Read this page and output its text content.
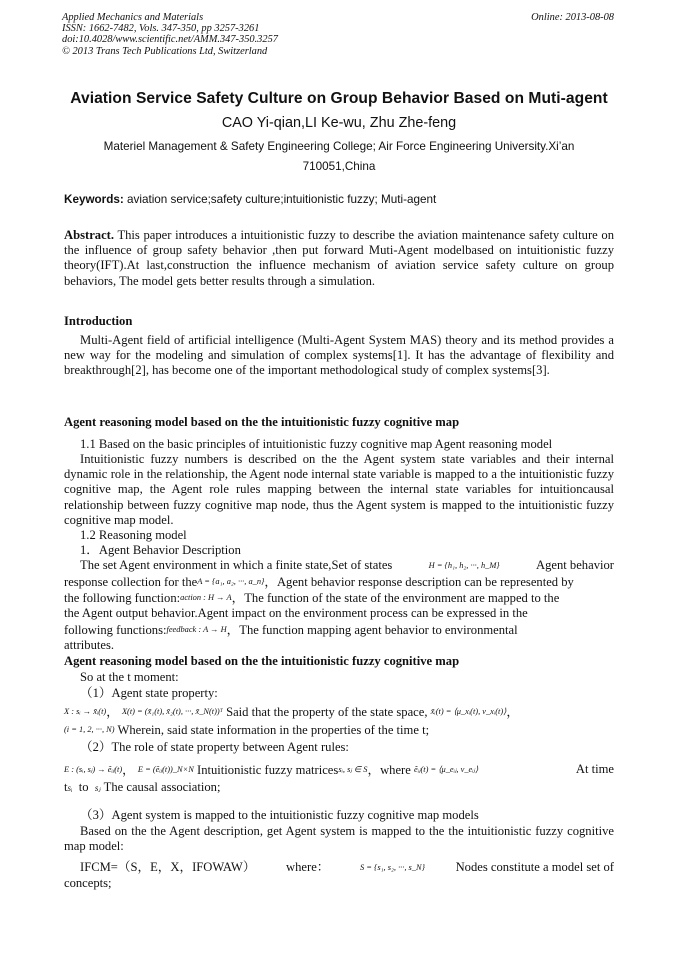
Applied Mechanics and Materials
ISSN: 1662-7482, Vols. 347-350, pp 3257-3261
doi:10.4028/www.scientific.net/AMM.347-350.3257
© 2013 Trans Tech Publications Ltd, Switzerland
Online: 2013-08-08
Aviation Service Safety Culture on Group Behavior Based on Muti-agent
CAO Yi-qian,LI Ke-wu, Zhu Zhe-feng
Materiel Management & Safety Engineering College; Air Force Engineering University.Xi’an
710051,China
Keywords: aviation service;safety culture;intuitionistic fuzzy; Muti-agent
Abstract. This paper introduces a intuitionistic fuzzy to describe the aviation maintenance safety culture on the influence of group safety behavior ,then put forward Muti-Agent modelbased on intuitionistic fuzzy theory(IFT).At last,construction the influence mechanism of aviation service safety culture on group behaviors, The model gets better results through a simulation.
Introduction
Multi-Agent field of artificial intelligence (Multi-Agent System MAS) theory and its method provides a new way for the modeling and simulation of complex systems[1]. It has the advantage of flexibility and breakthrough[2], has become one of the important methodological study of complex systems[3].
Agent reasoning model based on the the intuitionistic fuzzy cognitive map
1.1 Based on the basic principles of intuitionistic fuzzy cognitive map Agent reasoning model
Intuitionistic fuzzy numbers is described on the the Agent system state variables and their internal dynamic role in the relationship, the Agent node internal state variable is mapped to a the intuitionistic fuzzy cognitive map, the Agent role rules mapping between the internal state variables for intuitioncausal relationship between fuzzy cognitive map node, thus the Agent system is mapped to the intuitionistic fuzzy cognitive map model.
1.2 Reasoning model
1．Agent Behavior Description
The set Agent environment in which a finite state,Set of states	H = {h₁, h₂, ···, h_M}	Agent behavior
response collection for theA = {a₁, a₂, ···, a_n}，Agent behavior response description can be represented by
the following function:action : H → A，The function of the state of the environment are mapped to the
the Agent output behavior.Agent impact on the environment process can be expressed in the
following functions:feedback : A → H，The function mapping agent behavior to environmental
attributes.
Agent reasoning model based on the the intuitionistic fuzzy cognitive map
So at the t moment:
（1）Agent state property:
X : sᵢ → x̃ᵢ(t)， X(t) = (x̃₁(t), x̃₂(t), ···, x̃_N(t))ᵀ Said that the property of the state space, x̃ᵢ(t) = ⟨μ_xᵢ(t), ν_xᵢ(t)⟩，
(i = 1, 2, ···, N) Wherein, said state information in the properties of the time t;
（2）The role of state property between Agent rules:
E : (sᵢ, sⱼ) → ẽᵢⱼ(t)， E = (ẽᵢⱼ(t))_N×N Intuitionistic fuzzy matricessᵢ, sⱼ ∈ S，where ẽᵢⱼ(t) = ⟨μ_eᵢⱼ, ν_eᵢⱼ⟩	At time
tsᵢ to sⱼ The causal association;
（3）Agent system is mapped to the intuitionistic fuzzy cognitive map models
Based on the the Agent description, get Agent system is mapped to the the intuitionistic fuzzy cognitive map model:
IFCM=（S，E，X，IFOWAW） where：	S = {s₁, s₂, ···, s_N} Nodes constitute a model set of
concepts;
